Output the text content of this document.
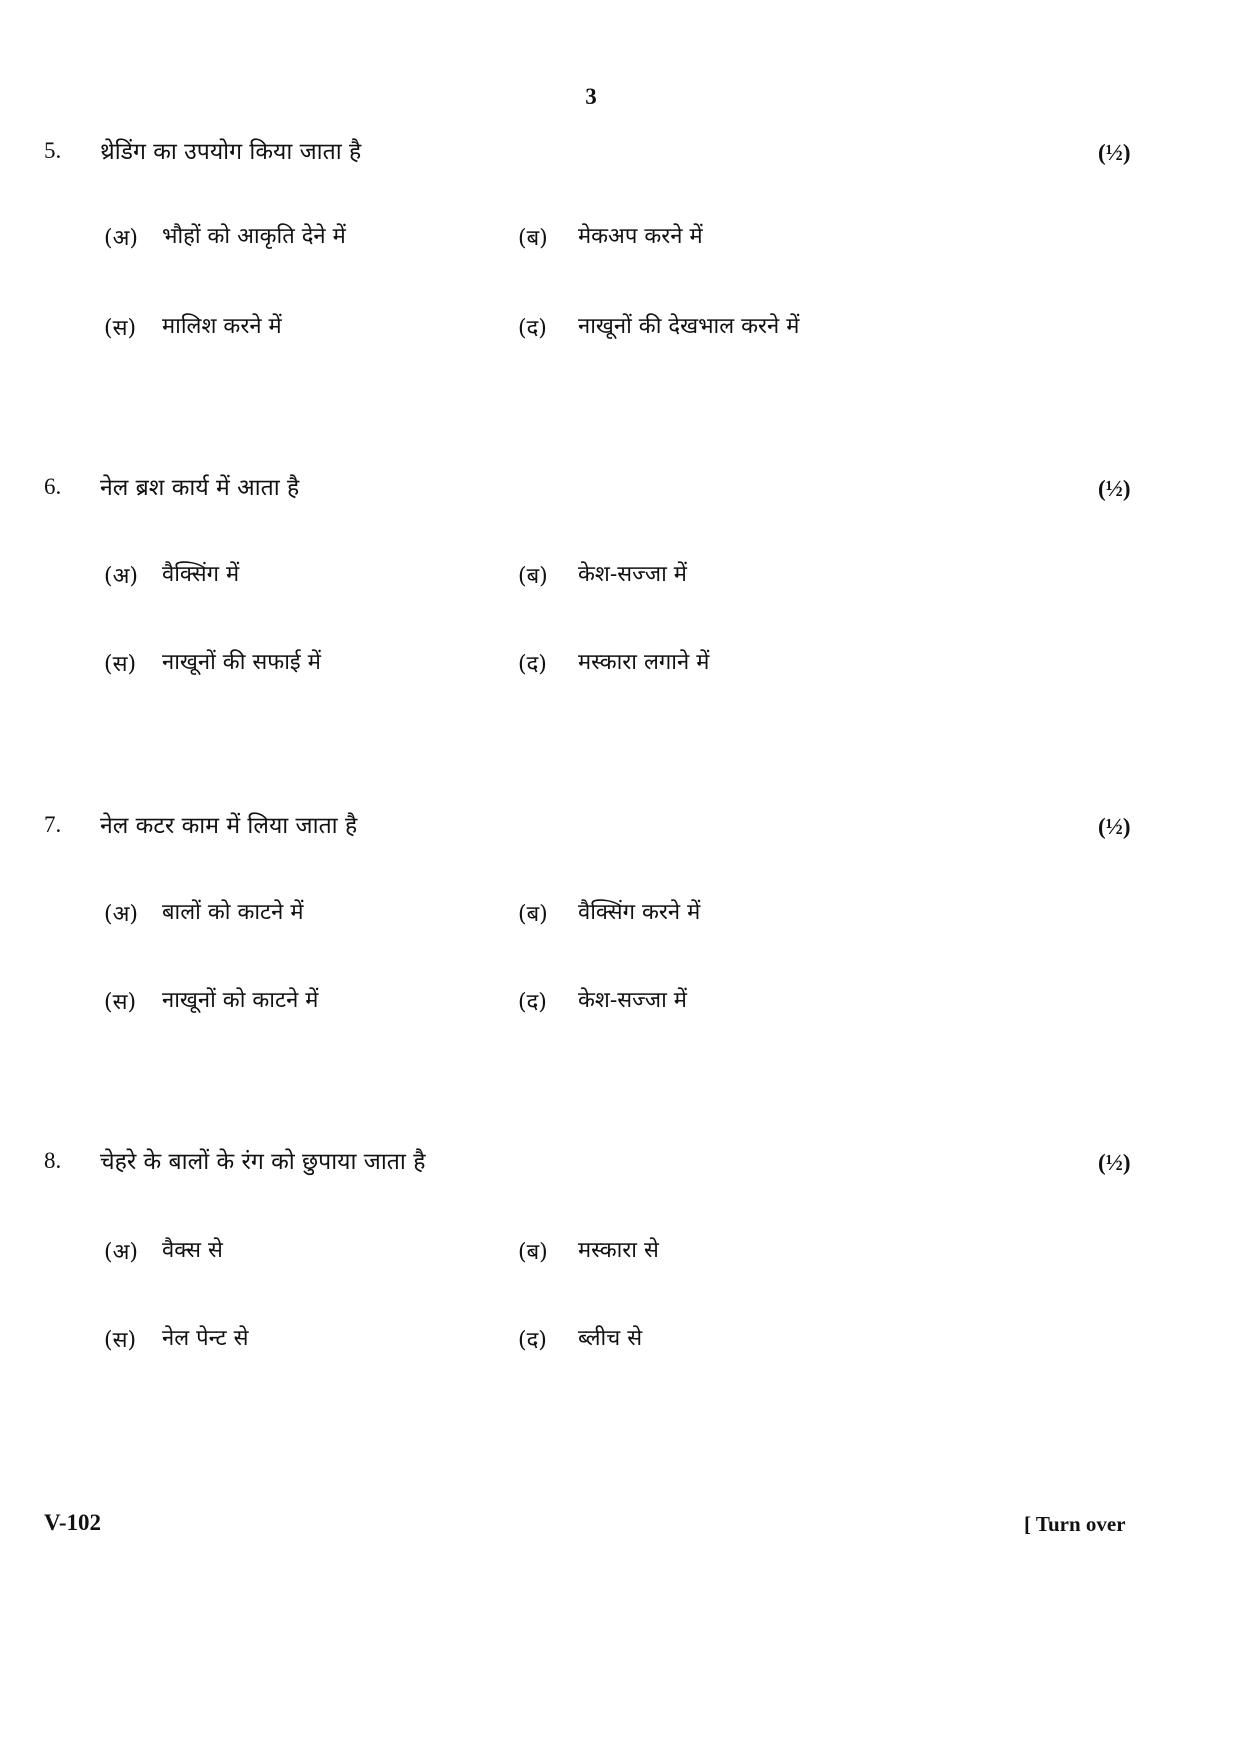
3
5. थ्रेडिंग का उपयोग किया जाता है	(½)
(अ) भौहों को आकृति देने में	(ब) मेकअप करने में
(स) मालिश करने में	(द) नाखूनों की देखभाल करने में
6. नेल ब्रश कार्य में आता है	(½)
(अ) वैक्सिंग में	(ब) केश-सज्जा में
(स) नाखूनों की सफाई में	(द) मस्कारा लगाने में
7. नेल कटर काम में लिया जाता है	(½)
(अ) बालों को काटने में	(ब) वैक्सिंग करने में
(स) नाखूनों को काटने में	(द) केश-सज्जा में
8. चेहरे के बालों के रंग को छुपाया जाता है	(½)
(अ) वैक्स से	(ब) मस्कारा से
(स) नेल पेन्ट से	(द) ब्लीच से
V-102	[ Turn over
